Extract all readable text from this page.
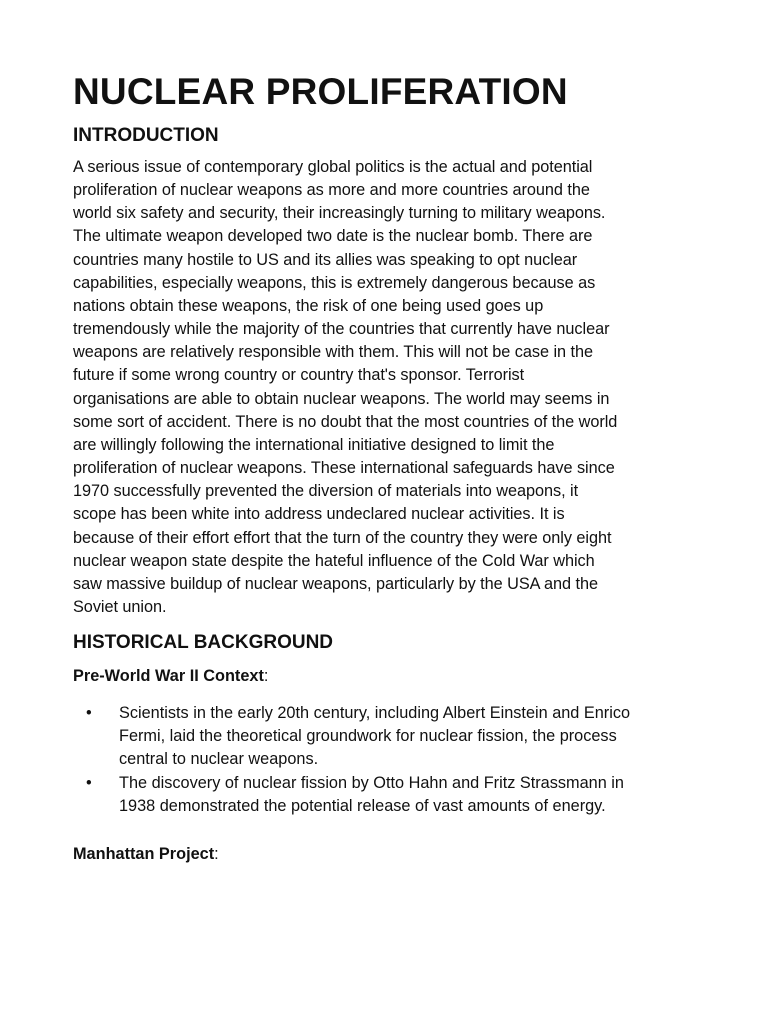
NUCLEAR PROLIFERATION
INTRODUCTION

A serious issue of contemporary global politics is the actual and potential
proliferation of nuclear weapons as more and more countries around the
world six safety and security, their increasingly turning to military weapons.
The ultimate weapon developed two date is the nuclear bomb. There are
countries many hostile to US and its allies was speaking to opt nuclear
capabilities, especially weapons, this is extremely dangerous because as
nations obtain these weapons, the risk of one being used goes up
tremendously while the majority of the countries that currently have nuclear
weapons are relatively responsible with them. This will not be case in the
future if some wrong country or country that's sponsor. Terrorist
organisations are able to obtain nuclear weapons. The world may seems in
some sort of accident. There is no doubt that the most countries of the world
are willingly following the international initiative designed to limit the
proliferation of nuclear weapons. These international safeguards have since
1970 successfully prevented the diversion of materials into weapons, it
scope has been white into address undeclared nuclear activities. It is
because of their effort effort that the turn of the country they were only eight
nuclear weapon state despite the hateful influence of the Cold War which
saw massive buildup of nuclear weapons, particularly by the USA and the
Soviet union.

HISTORICAL BACKGROUND

Pre-World War II Context:

• Scientists in the early 20th century, including Albert Einstein and Enrico
Fermi, laid the theoretical groundwork for nuclear fission, the process
central to nuclear weapons.
• The discovery of nuclear fission by Otto Hahn and Fritz Strassmann in
1938 demonstrated the potential release of vast amounts of energy.

Manhattan Project:
